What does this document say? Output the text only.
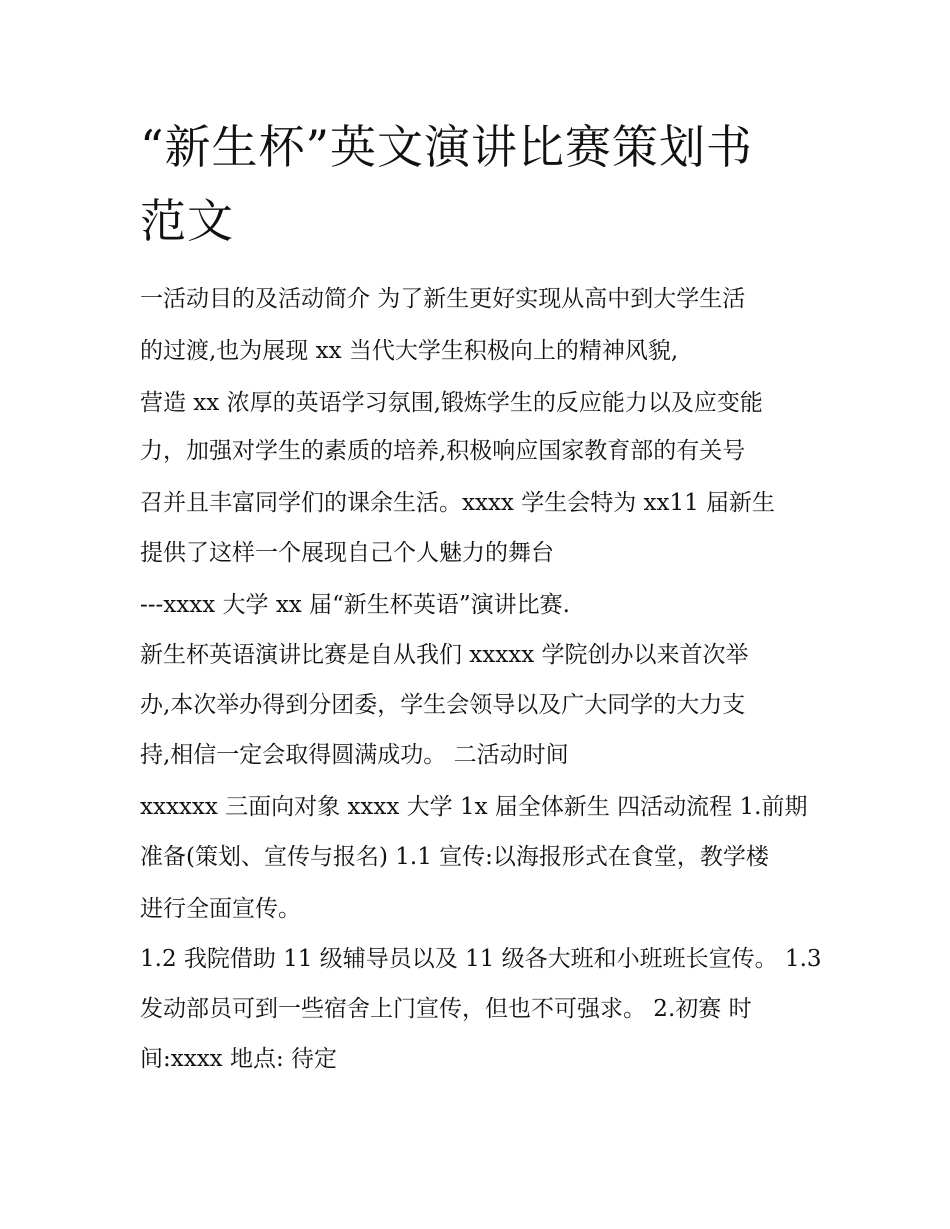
“新生杯”英文演讲比赛策划书
范文

一活动目的及活动简介 为了新生更好实现从高中到大学生活

的过渡,也为展现 xx 当代大学生积极向上的精神风貌,

营造 xx 浓厚的英语学习氛围,锻炼学生的反应能力以及应变能

力，加强对学生的素质的培养,积极响应国家教育部的有关号

召并且丰富同学们的课余生活。xxxx 学生会特为 xx11 届新生

提供了这样一个展现自己个人魅力的舞台

---xxxx 大学 xx 届“新生杯英语”演讲比赛.

新生杯英语演讲比赛是自从我们 xxxxx 学院创办以来首次举

办,本次举办得到分团委，学生会领导以及广大同学的大力支

持,相信一定会取得圆满成功。 二活动时间

xxxxxx 三面向对象 xxxx 大学 1x 届全体新生 四活动流程 1.前期

准备(策划、宣传与报名) 1.1 宣传:以海报形式在食堂，教学楼

进行全面宣传。

1.2 我院借助 11 级辅导员以及 11 级各大班和小班班长宣传。 1.3

发动部员可到一些宿舍上门宣传，但也不可强求。 2.初赛 时

间:xxxx 地点: 待定
